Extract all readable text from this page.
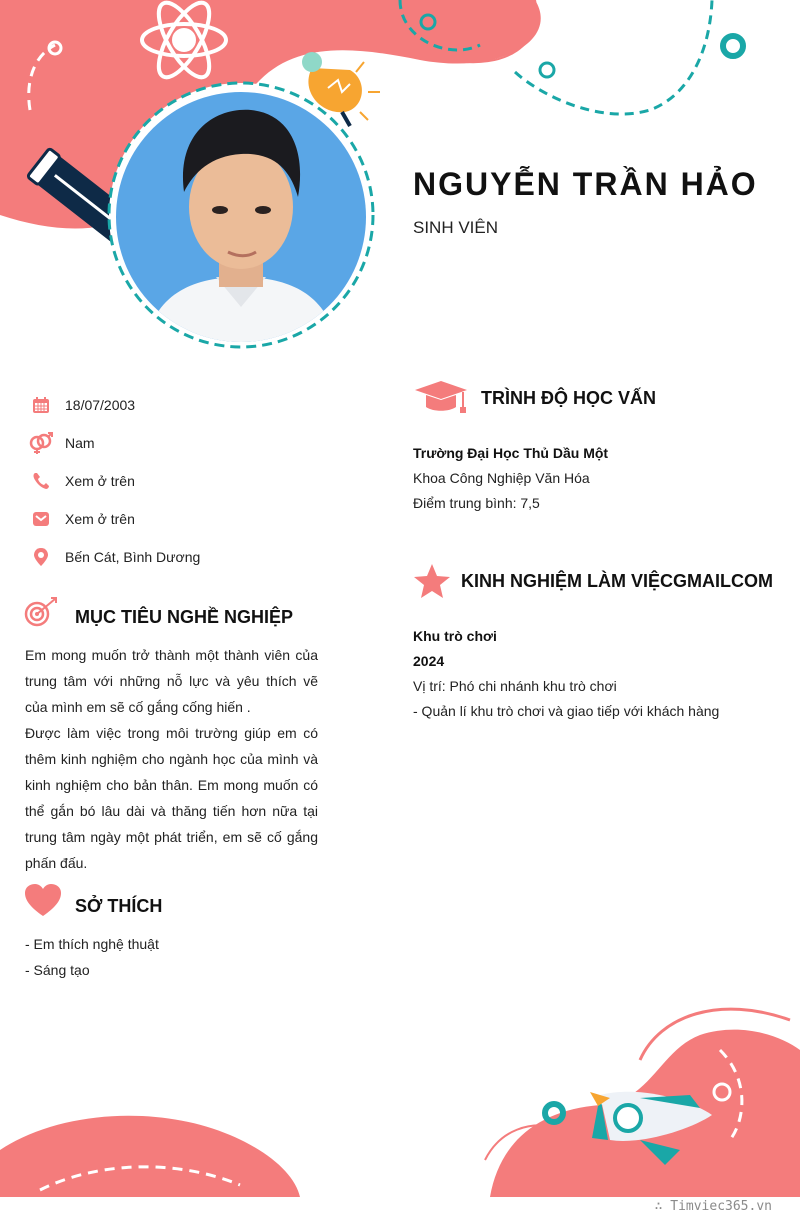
NGUYỄN TRẦN HẢO
SINH VIÊN
18/07/2003
Nam
Xem ở trên
Xem ở trên
Bến Cát, Bình Dương
MỤC TIÊU NGHỀ NGHIỆP

Em mong muốn trở thành một thành viên của trung tâm với những nỗ lực và yêu thích vẽ của mình em sẽ cố gắng cống hiến .

Được làm việc trong môi trường giúp em có thêm kinh nghiệm cho ngành học của mình và kinh nghiệm cho bản thân. Em mong muốn có thể gắn bó lâu dài và thăng tiến hơn nữa tại trung tâm ngày một phát triển, em sẽ cố gắng phấn đấu.

SỞ THÍCH
- Em thích nghệ thuật
- Sáng tạo
TRÌNH ĐỘ HỌC VẤN
Trường Đại Học Thủ Dầu Một
Khoa Công Nghiệp Văn Hóa
Điểm trung bình: 7,5
KINH NGHIỆM LÀM VIỆCGMAILCOM
Khu trò chơi
2024
Vị trí: Phó chi nhánh khu trò chơi
- Quản lí khu trò chơi và giao tiếp với khách hàng
∴ Timviec365.vn
